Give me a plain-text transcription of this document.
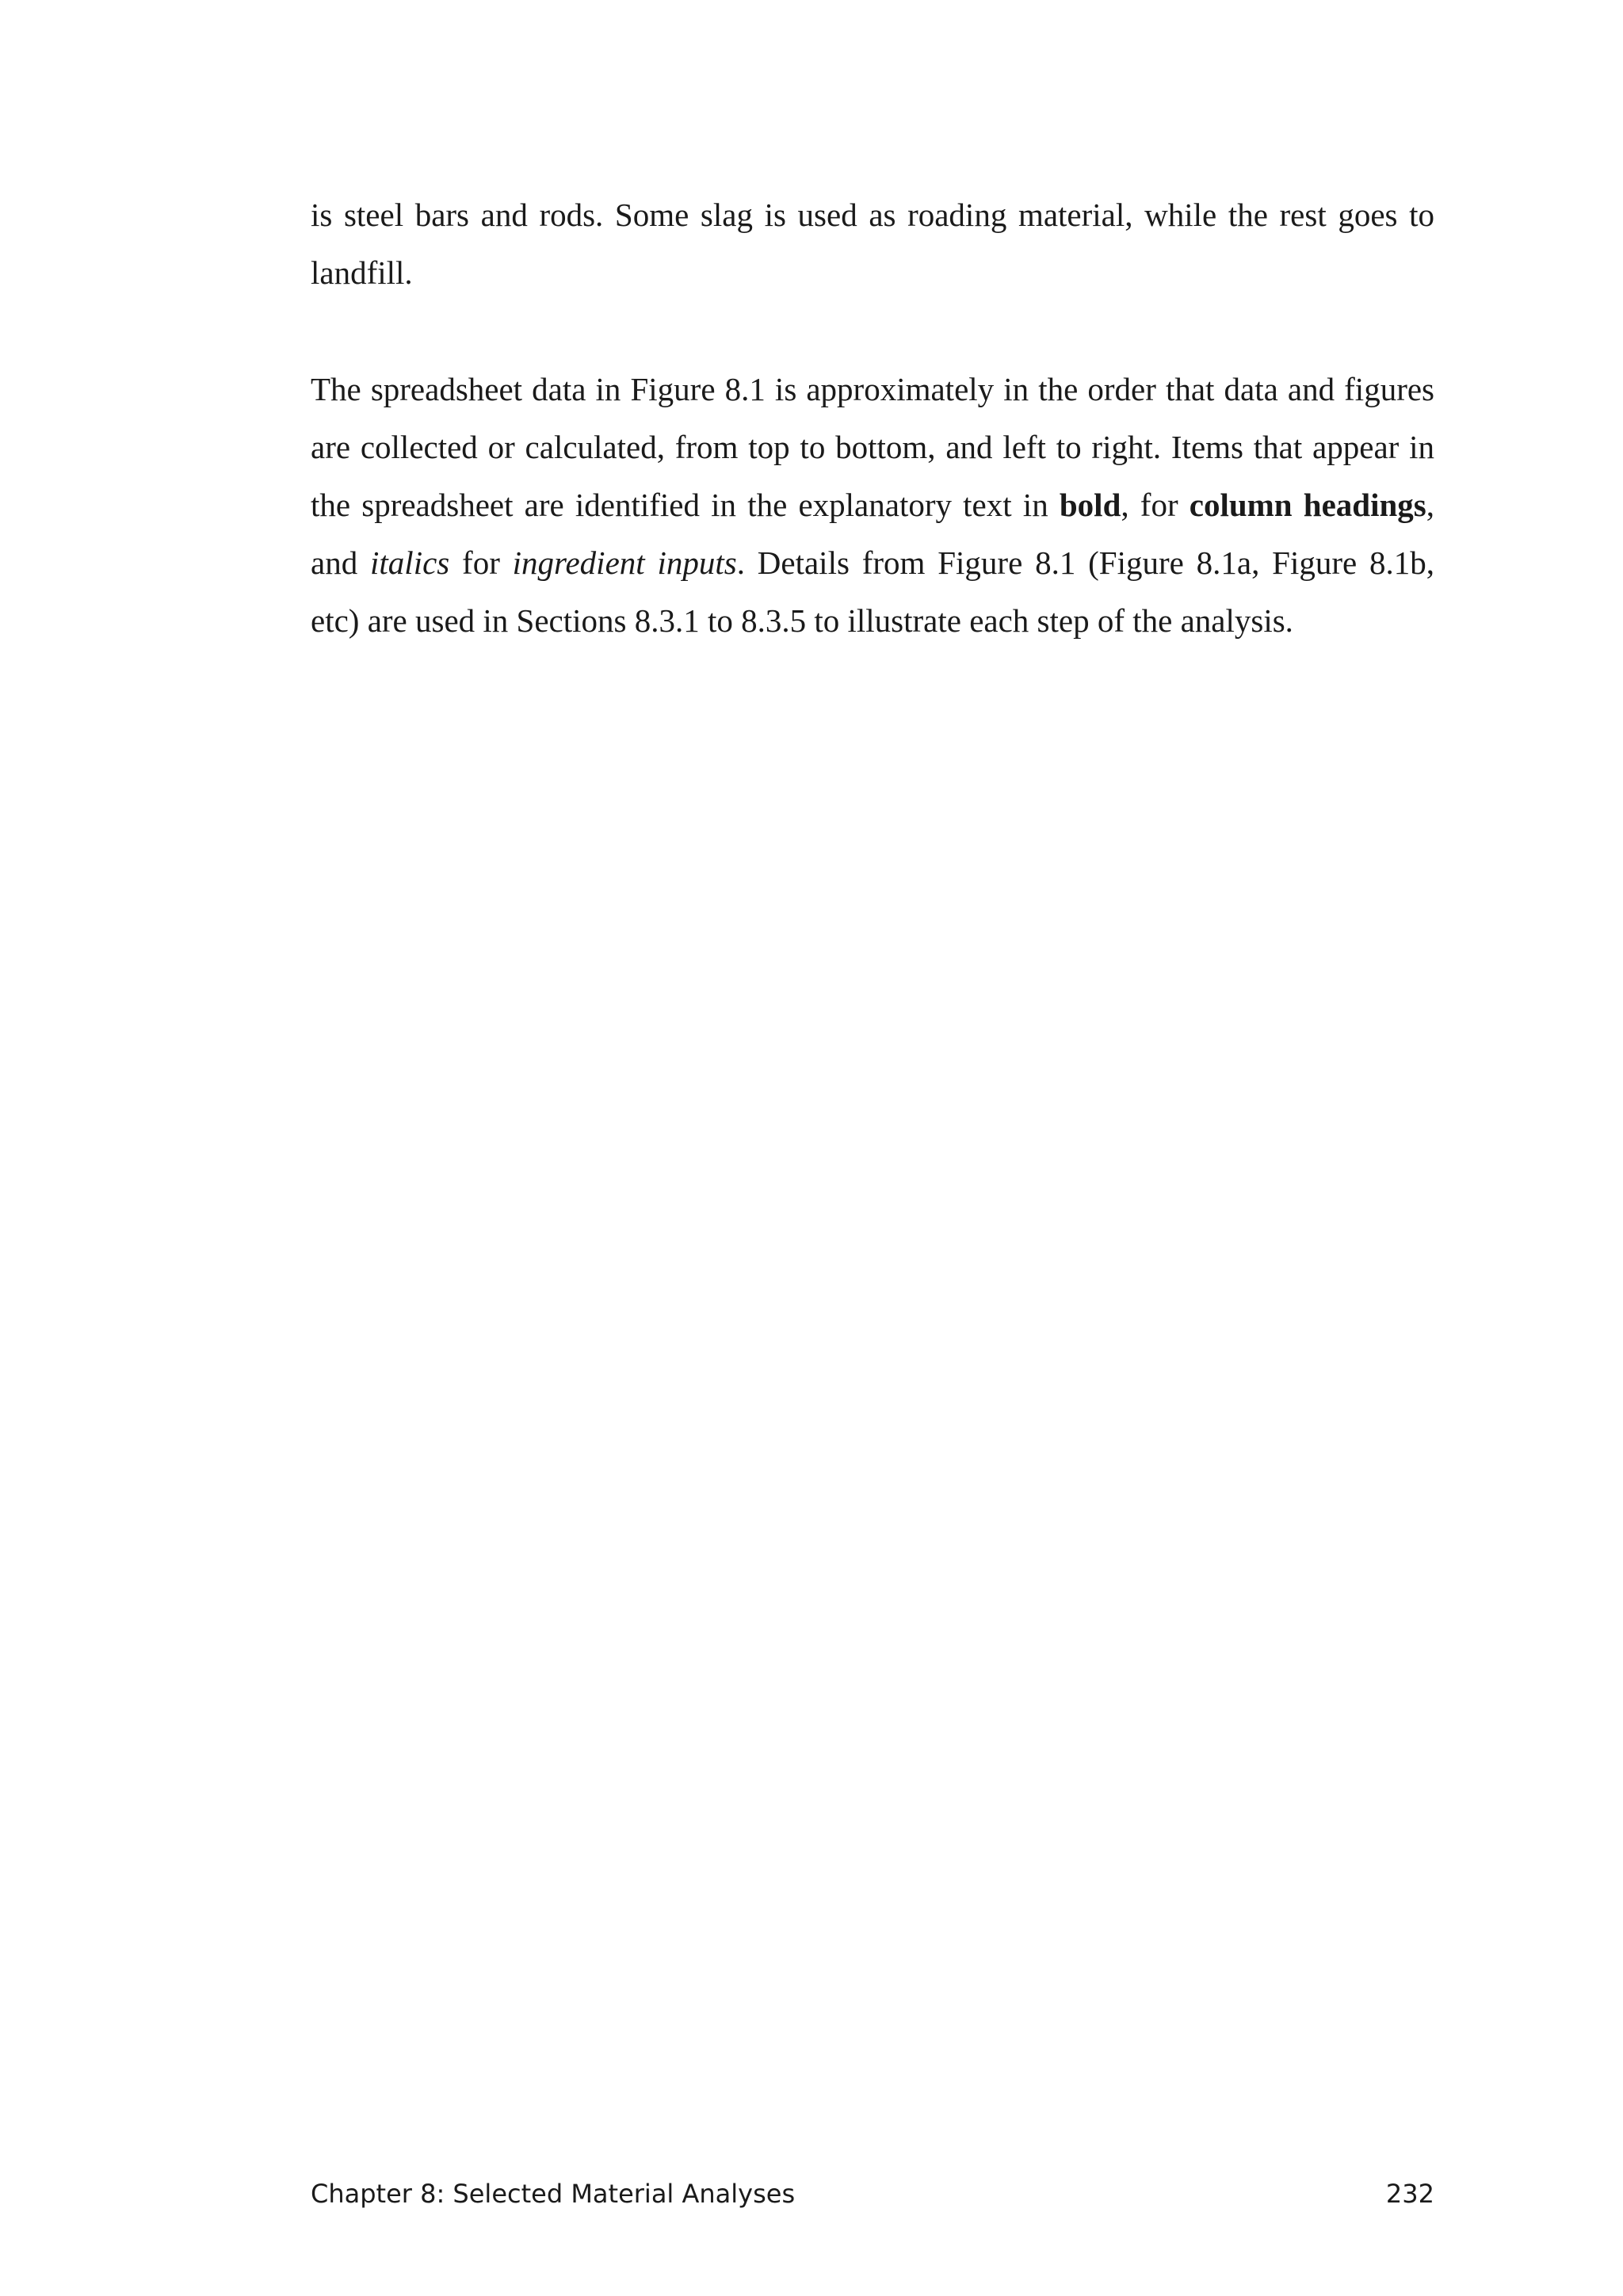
is steel bars and rods. Some slag is used as roading material, while the rest goes to landfill.

The spreadsheet data in Figure 8.1 is approximately in the order that data and figures are collected or calculated, from top to bottom, and left to right. Items that appear in the spreadsheet are identified in the explanatory text in bold, for column headings, and italics for ingredient inputs. Details from Figure 8.1 (Figure 8.1a, Figure 8.1b, etc) are used in Sections 8.3.1 to 8.3.5 to illustrate each step of the analysis.

Chapter 8: Selected Material Analyses	232
